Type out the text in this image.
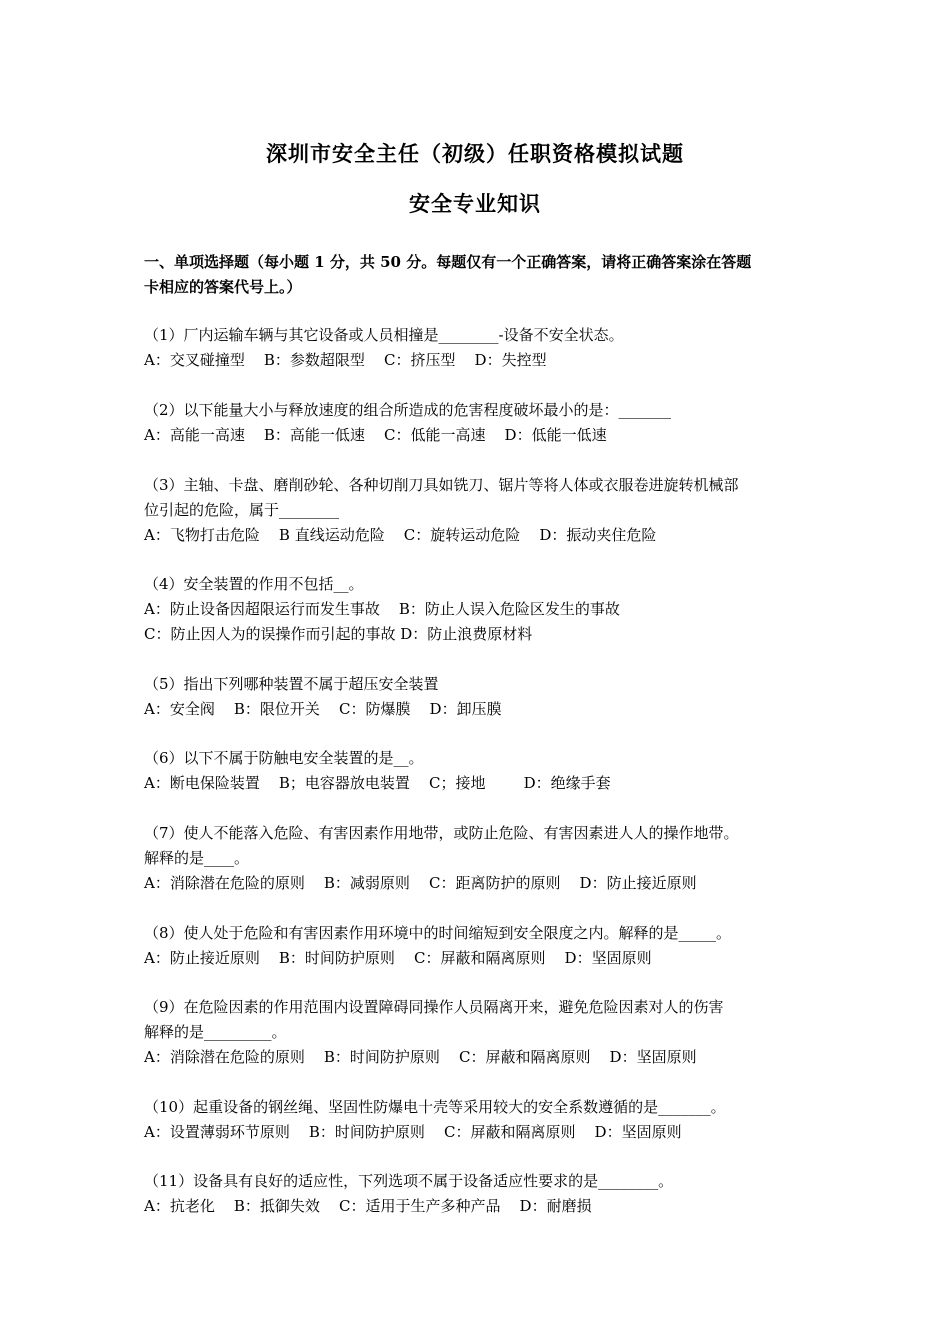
深圳市安全主任（初级）任职资格模拟试题
安全专业知识
一、单项选择题（每小题 1 分，共 50 分。每题仅有一个正确答案，请将正确答案涂在答题
卡相应的答案代号上。）
（1）厂内运输车辆与其它设备或人员相撞是________-设备不安全状态。
A：交叉碰撞型    B：参数超限型    C：挤压型    D：失控型
（2）以下能量大小与释放速度的组合所造成的危害程度破坏最小的是：_______
A：高能一高速    B：高能一低速    C：低能一高速    D：低能一低速
（3）主轴、卡盘、磨削砂轮、各种切削刀具如铣刀、锯片等将人体或衣服卷进旋转机械部
位引起的危险，属于________
A：飞物打击危险    B 直线运动危险    C：旋转运动危险    D：振动夹住危险
（4）安全装置的作用不包括__。
A：防止设备因超限运行而发生事故    B：防止人误入危险区发生的事故
C：防止因人为的误操作而引起的事故 D：防止浪费原材料
（5）指出下列哪种装置不属于超压安全装置
A：安全阀    B：限位开关    C：防爆膜    D：卸压膜
（6）以下不属于防触电安全装置的是__。
A：断电保险装置    B；电容器放电装置    C；接地        D：绝缘手套
（7）使人不能落入危险、有害因素作用地带，或防止危险、有害因素进人人的操作地带。
解释的是____。
A：消除潜在危险的原则    B：减弱原则    C：距离防护的原则    D：防止接近原则
（8）使人处于危险和有害因素作用环境中的时间缩短到安全限度之内。解释的是_____。
A：防止接近原则    B：时间防护原则    C：屏蔽和隔离原则    D：坚固原则
（9）在危险因素的作用范围内设置障碍同操作人员隔离开来，避免危险因素对人的伤害
解释的是_________。
A：消除潜在危险的原则    B：时间防护原则    C：屏蔽和隔离原则    D：坚固原则
（10）起重设备的钢丝绳、坚固性防爆电十壳等采用较大的安全系数遵循的是_______。
A：设置薄弱环节原则    B：时间防护原则    C：屏蔽和隔离原则    D：坚固原则
（11）设备具有良好的适应性，下列选项不属于设备适应性要求的是________。
A：抗老化    B：抵御失效    C：适用于生产多种产品    D：耐磨损
